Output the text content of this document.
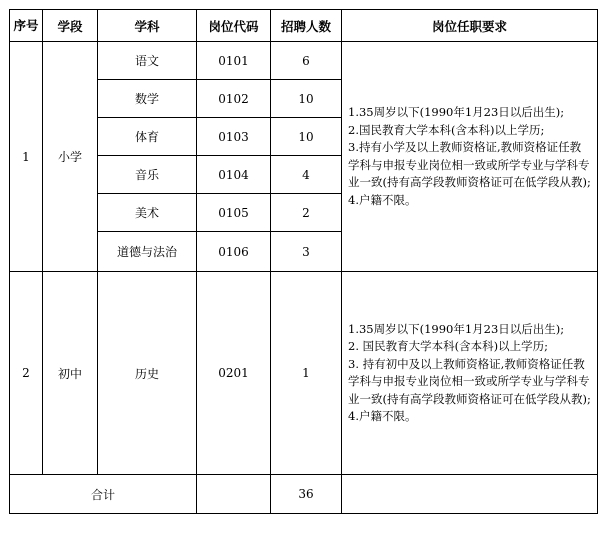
序号	学段	学科	岗位代码	招聘人数	岗位任职要求
1	小学	语文	0101	6	1.35周岁以下(1990年1月23日以后出生);
2.国民教育大学本科(含本科)以上学历;
3.持有小学及以上教师资格证,教师资格证任教学科与申报专业岗位相一致或所学专业与学科专业一致(持有高学段教师资格证可在低学段从教);
4.户籍不限。
		数学	0102	10	
		体育	0103	10	
		音乐	0104	4	
		美术	0105	2	
		道德与法治	0106	3	
2	初中	历史	0201	1	1.35周岁以下(1990年1月23日以后出生);
2. 国民教育大学本科(含本科)以上学历;
3. 持有初中及以上教师资格证,教师资格证任教学科与申报专业岗位相一致或所学专业与学科专业一致(持有高学段教师资格证可在低学段从教);
4.户籍不限。
合计				36	
